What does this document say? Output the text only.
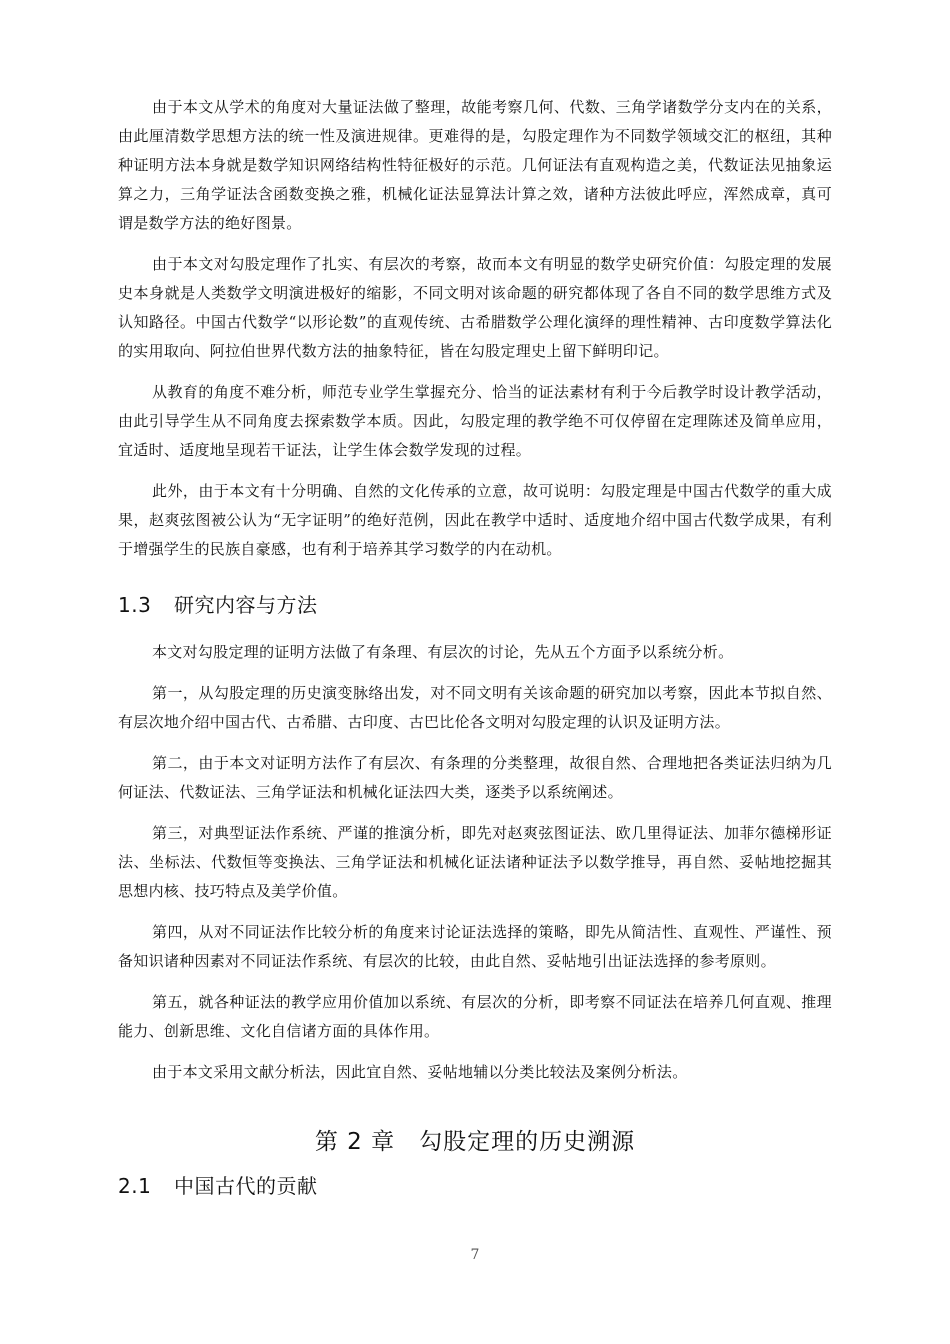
由于本文从学术的角度对大量证法做了整理，故能考察几何、代数、三角学诸数学分支内在的关系，由此厘清数学思想方法的统一性及演进规律。更难得的是，勾股定理作为不同数学领域交汇的枢纽，其种种证明方法本身就是数学知识网络结构性特征极好的示范。几何证法有直观构造之美，代数证法见抽象运算之力，三角学证法含函数变换之雅，机械化证法显算法计算之效，诸种方法彼此呼应，浑然成章，真可谓是数学方法的绝好图景。

由于本文对勾股定理作了扎实、有层次的考察，故而本文有明显的数学史研究价值：勾股定理的发展史本身就是人类数学文明演进极好的缩影，不同文明对该命题的研究都体现了各自不同的数学思维方式及认知路径。中国古代数学“以形论数”的直观传统、古希腊数学公理化演绎的理性精神、古印度数学算法化的实用取向、阿拉伯世界代数方法的抽象特征，皆在勾股定理史上留下鲜明印记。

从教育的角度不难分析，师范专业学生掌握充分、恰当的证法素材有利于今后教学时设计教学活动，由此引导学生从不同角度去探索数学本质。因此，勾股定理的教学绝不可仅停留在定理陈述及简单应用，宜适时、适度地呈现若干证法，让学生体会数学发现的过程。

此外，由于本文有十分明确、自然的文化传承的立意，故可说明：勾股定理是中国古代数学的重大成果，赵爽弦图被公认为“无字证明”的绝好范例，因此在教学中适时、适度地介绍中国古代数学成果，有利于增强学生的民族自豪感，也有利于培养其学习数学的内在动机。

1.3 研究内容与方法

本文对勾股定理的证明方法做了有条理、有层次的讨论，先从五个方面予以系统分析。

第一，从勾股定理的历史演变脉络出发，对不同文明有关该命题的研究加以考察，因此本节拟自然、有层次地介绍中国古代、古希腊、古印度、古巴比伦各文明对勾股定理的认识及证明方法。

第二，由于本文对证明方法作了有层次、有条理的分类整理，故很自然、合理地把各类证法归纳为几何证法、代数证法、三角学证法和机械化证法四大类，逐类予以系统阐述。

第三，对典型证法作系统、严谨的推演分析，即先对赵爽弦图证法、欧几里得证法、加菲尔德梯形证法、坐标法、代数恒等变换法、三角学证法和机械化证法诸种证法予以数学推导，再自然、妥帖地挖掘其思想内核、技巧特点及美学价值。

第四，从对不同证法作比较分析的角度来讨论证法选择的策略，即先从简洁性、直观性、严谨性、预备知识诸种因素对不同证法作系统、有层次的比较，由此自然、妥帖地引出证法选择的参考原则。

第五，就各种证法的教学应用价值加以系统、有层次的分析，即考察不同证法在培养几何直观、推理能力、创新思维、文化自信诸方面的具体作用。

由于本文采用文献分析法，因此宜自然、妥帖地辅以分类比较法及案例分析法。

第 2 章 勾股定理的历史溯源
2.1 中国古代的贡献
7
